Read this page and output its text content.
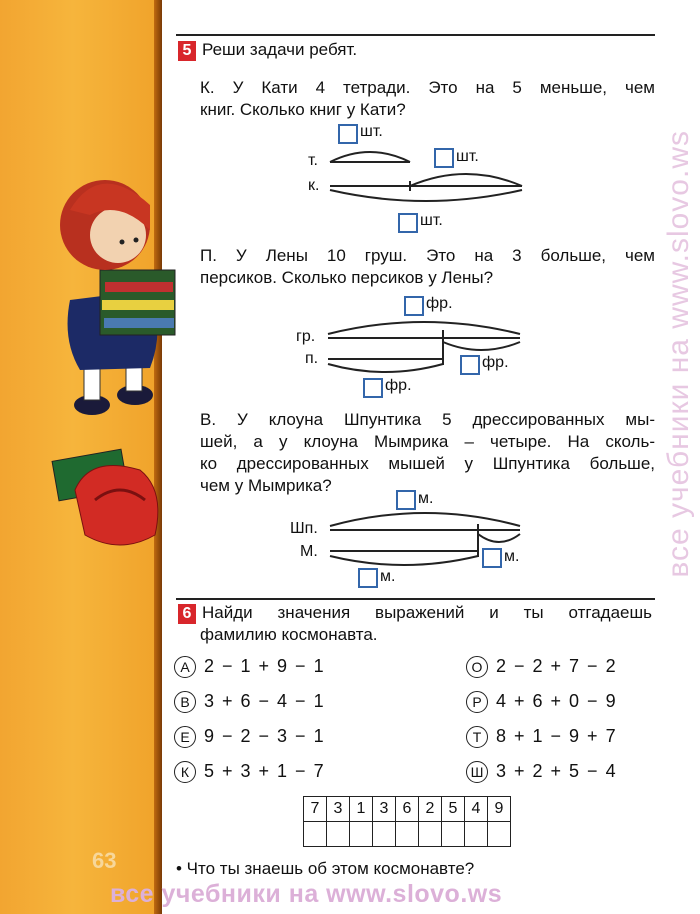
все учебники на www.slovo.ws
5 Реши задачи ребят.
К. У Кати 4 тетради. Это на 5 меньше, чем
книг. Сколько книг у Кати?
шт.
т.	шт.
к.
шт.
П. У Лены 10 груш. Это на 3 больше, чем
персиков. Сколько персиков у Лены?
фр.
гр.
п.	фр.
фр.
В. У клоуна Шпунтика 5 дрессированных мы-
шей, а у клоуна Мымрика – четыре. На сколь-
ко дрессированных мышей у Шпунтика больше,
чем у Мымрика?
м.
Шп.
М.	м.
м.
6 Найди значения выражений и ты отгадаешь
фамилию космонавта.
А 2 − 1 + 9 − 1
В 3 + 6 − 4 − 1
Е 9 − 2 − 3 − 1
К 5 + 3 + 1 − 7
О 2 − 2 + 7 − 2
Р 4 + 6 + 0 − 9
Т 8 + 1 − 9 + 7
Ш 3 + 2 + 5 − 4
7	3	1	3	6	2	5	4	9

• Что ты знаешь об этом космонавте?
63
все учебники на www.slovo.ws
